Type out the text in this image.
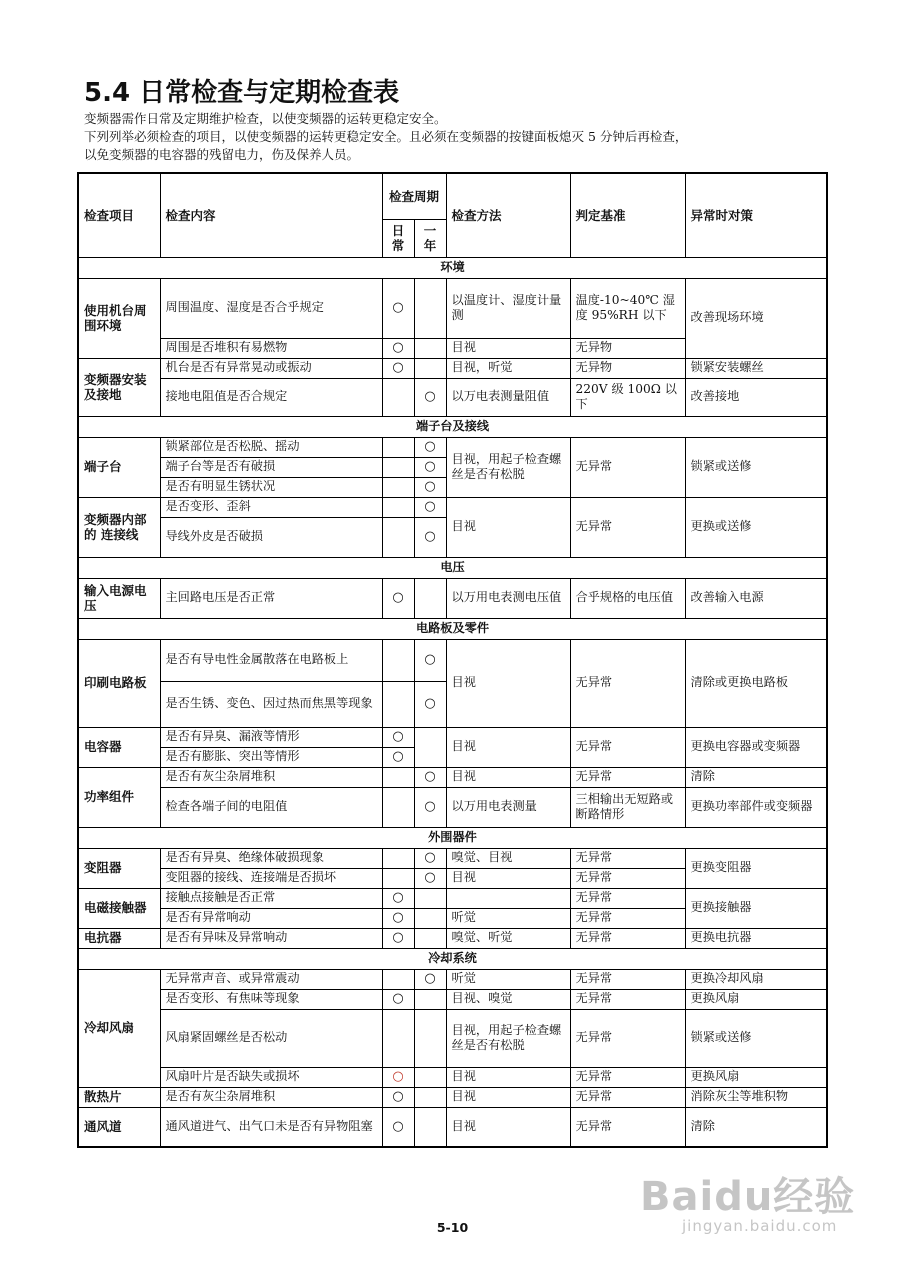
5.4 日常检查与定期检查表

变频器需作日常及定期维护检查，以使变频器的运转更稳定安全。

下列列举必须检查的项目，以使变频器的运转更稳定安全。且必须在变频器的按键面板熄灭 5 分钟后再检查，

以免变频器的电容器的残留电力，伤及保养人员。

检查项目	检查内容	检查周期		检查方法	判定基准	异常时对策
		日常	一年			
环境						
使用机台周围环境	周围温度、湿度是否合乎规定	○		以温度计、湿度计量测	温度-10~40℃ 湿度 95%RH 以下	改善现场环境
	周围是否堆积有易燃物	○		目视	无异物	
变频器安装及接地	机台是否有异常晃动或振动	○		目视，听觉	无异物	锁紧安装螺丝
	接地电阻值是否合规定		○	以万电表测量阻值	220V 级 100Ω 以下	改善接地
端子台及接线						
端子台	锁紧部位是否松脱、摇动		○	目视，用起子检查螺丝是否有松脱	无异常	锁紧或送修
	端子台等是否有破损		○			
	是否有明显生锈状况		○			
变频器内部的 连接线	是否变形、歪斜		○	目视	无异常	更换或送修
	导线外皮是否破损		○			
电压						
输入电源电压	主回路电压是否正常	○		以万用电表测电压值	合乎规格的电压值	改善输入电源
电路板及零件						
印刷电路板	是否有导电性金属散落在电路板上		○	目视	无异常	清除或更换电路板
	是否生锈、变色、因过热而焦黑等现象		○			
电容器	是否有异臭、漏液等情形	○		目视	无异常	更换电容器或变频器
	是否有膨胀、突出等情形	○				
功率组件	是否有灰尘杂屑堆积		○	目视	无异常	清除
	检查各端子间的电阻值		○	以万用电表测量	三相输出无短路或断路情形	更换功率部件或变频器
外围器件						
变阻器	是否有异臭、绝缘体破损现象		○	嗅觉、目视	无异常	更换变阻器
	变阻器的接线、连接端是否损坏		○	目视	无异常	
电磁接触器	接触点接触是否正常	○			无异常	更换接触器
	是否有异常响动	○		听觉	无异常	
电抗器	是否有异味及异常响动	○		嗅觉、听觉	无异常	更换电抗器
冷却系统						
冷却风扇	无异常声音、或异常震动		○	听觉	无异常	更换冷却风扇
	是否变形、有焦味等现象	○		目视、嗅觉	无异常	更换风扇
	风扇紧固螺丝是否松动			目视，用起子检查螺丝是否有松脱	无异常	锁紧或送修
	风扇叶片是否缺失或损坏	○		目视	无异常	更换风扇
散热片	是否有灰尘杂屑堆积	○		目视	无异常	消除灰尘等堆积物
通风道	通风道进气、出气口未是否有异物阻塞	○		目视	无异常	清除
Baidu经验
jingyan.baidu.com
5-10
